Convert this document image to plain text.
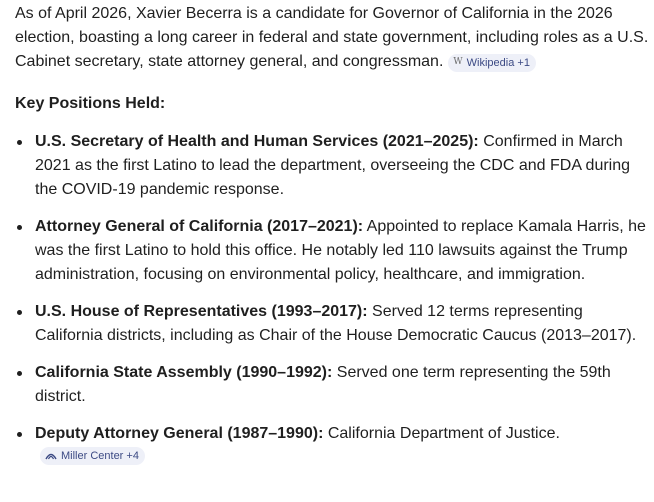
As of April 2026, Xavier Becerra is a candidate for Governor of California in the 2026 election, boasting a long career in federal and state government, including roles as a U.S. Cabinet secretary, state attorney general, and congressman. W Wikipedia +1

Key Positions Held:
U.S. Secretary of Health and Human Services (2021–2025): Confirmed in March 2021 as the first Latino to lead the department, overseeing the CDC and FDA during the COVID-19 pandemic response.
Attorney General of California (2017–2021): Appointed to replace Kamala Harris, he was the first Latino to hold this office. He notably led 110 lawsuits against the Trump administration, focusing on environmental policy, healthcare, and immigration.
U.S. House of Representatives (1993–2017): Served 12 terms representing California districts, including as Chair of the House Democratic Caucus (2013–2017).
California State Assembly (1990–1992): Served one term representing the 59th district.
Deputy Attorney General (1987–1990): California Department of Justice.
Miller Center +4
